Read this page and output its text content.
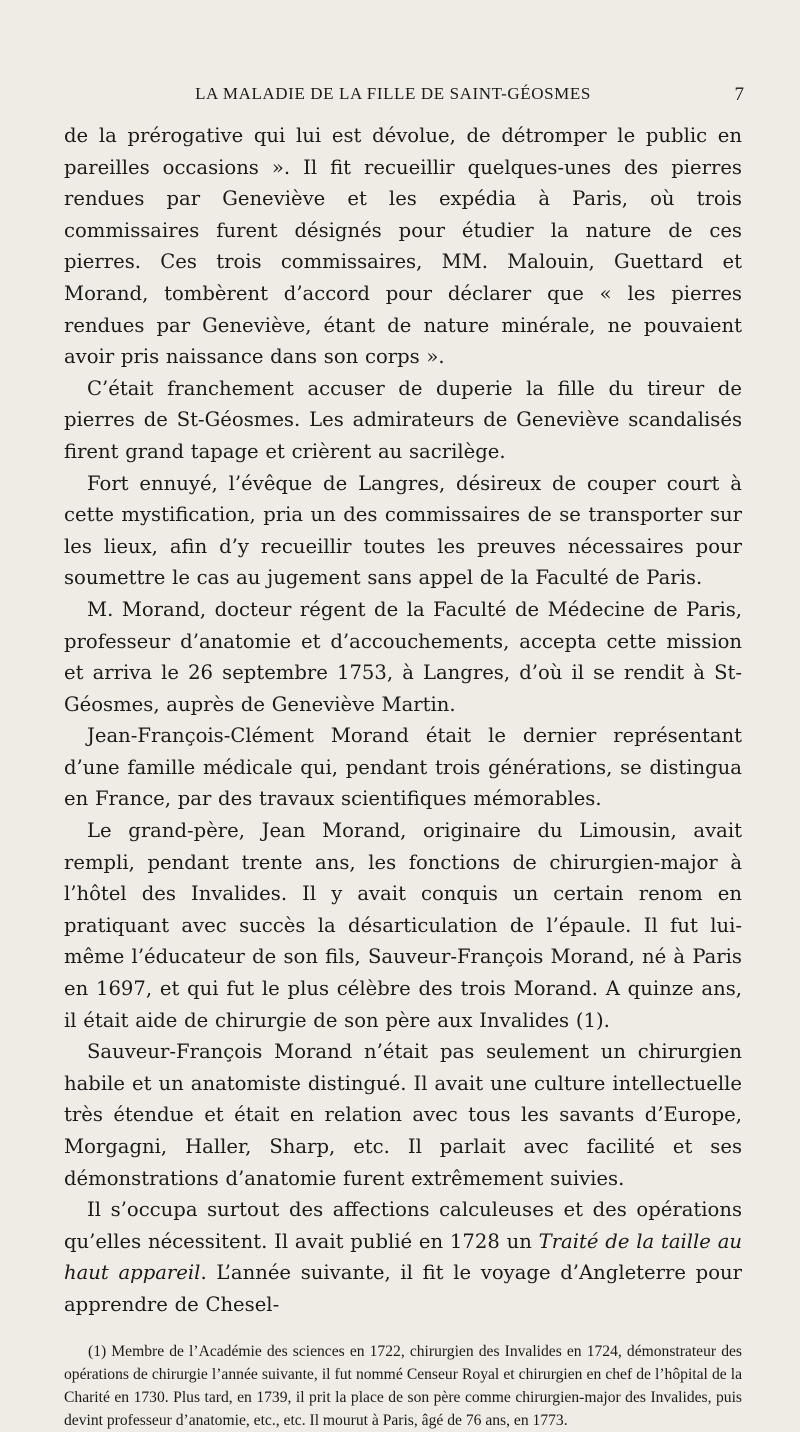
LA MALADIE DE LA FILLE DE SAINT-GÉOSMES	7

de la prérogative qui lui est dévolue, de détromper le public en pareilles occasions ». Il fit recueillir quelques-unes des pierres rendues par Geneviève et les expédia à Paris, où trois commissaires furent désignés pour étudier la nature de ces pierres. Ces trois commissaires, MM. Malouin, Guettard et Morand, tombèrent d’accord pour déclarer que « les pierres rendues par Geneviève, étant de nature minérale, ne pouvaient avoir pris naissance dans son corps ».

C’était franchement accuser de duperie la fille du tireur de pierres de St-Géosmes. Les admirateurs de Geneviève scandalisés firent grand tapage et crièrent au sacrilège.

Fort ennuyé, l’évêque de Langres, désireux de couper court à cette mystification, pria un des commissaires de se transporter sur les lieux, afin d’y recueillir toutes les preuves nécessaires pour soumettre le cas au jugement sans appel de la Faculté de Paris.

M. Morand, docteur régent de la Faculté de Médecine de Paris, professeur d’anatomie et d’accouchements, accepta cette mission et arriva le 26 septembre 1753, à Langres, d’où il se rendit à St-Géosmes, auprès de Geneviève Martin.

Jean-François-Clément Morand était le dernier représentant d’une famille médicale qui, pendant trois générations, se distingua en France, par des travaux scientifiques mémorables.

Le grand-père, Jean Morand, originaire du Limousin, avait rempli, pendant trente ans, les fonctions de chirurgien-major à l’hôtel des Invalides. Il y avait conquis un certain renom en pratiquant avec succès la désarticulation de l’épaule. Il fut lui-même l’éducateur de son fils, Sauveur-François Morand, né à Paris en 1697, et qui fut le plus célèbre des trois Morand. A quinze ans, il était aide de chirurgie de son père aux Invalides (1).

Sauveur-François Morand n’était pas seulement un chirurgien habile et un anatomiste distingué. Il avait une culture intellectuelle très étendue et était en relation avec tous les savants d’Europe, Morgagni, Haller, Sharp, etc. Il parlait avec facilité et ses démonstrations d’anatomie furent extrêmement suivies.

Il s’occupa surtout des affections calculeuses et des opérations qu’elles nécessitent. Il avait publié en 1728 un Traité de la taille au haut appareil. L’année suivante, il fit le voyage d’Angleterre pour apprendre de Chesel-

(1) Membre de l’Académie des sciences en 1722, chirurgien des Invalides en 1724, démonstrateur des opérations de chirurgie l’année suivante, il fut nommé Censeur Royal et chirurgien en chef de l’hôpital de la Charité en 1730. Plus tard, en 1739, il prit la place de son père comme chirurgien-major des Invalides, puis devint professeur d’anatomie, etc., etc. Il mourut à Paris, âgé de 76 ans, en 1773.
